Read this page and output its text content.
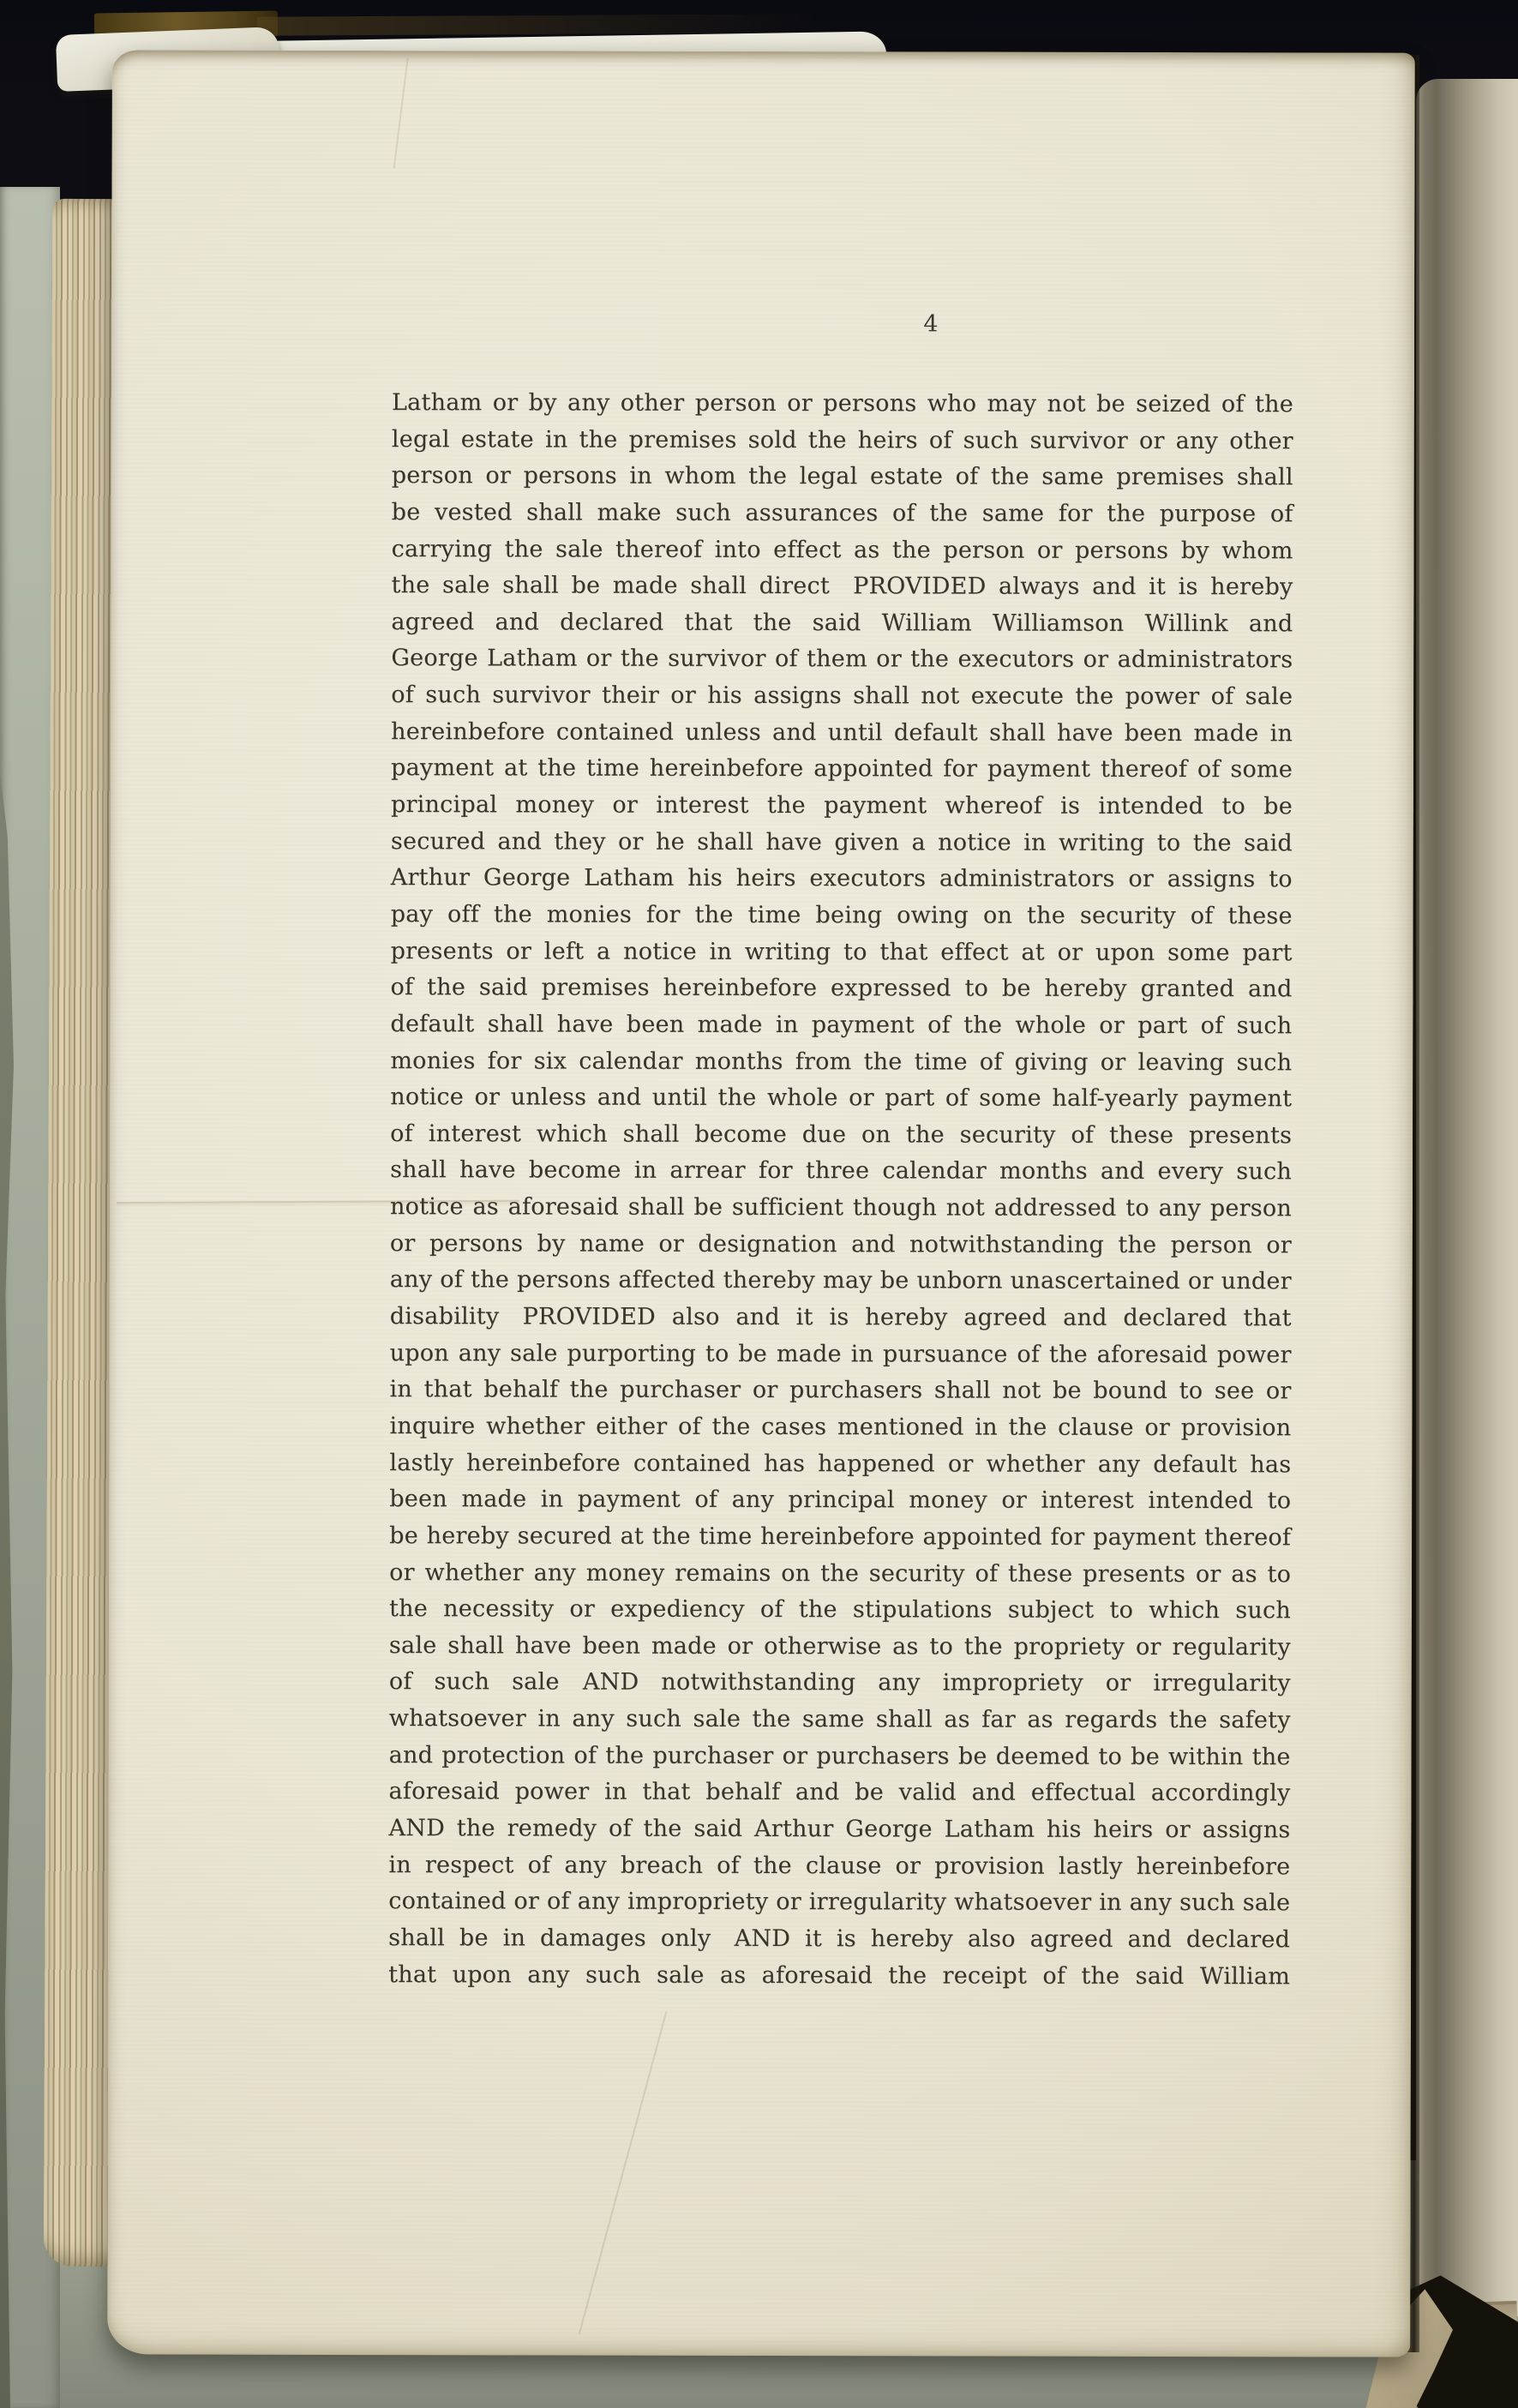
4
Latham or by any other person or persons who may not be seized of the
legal estate in the premises sold the heirs of such survivor or any other
person or persons in whom the legal estate of the same premises shall
be vested shall make such assurances of the same for the purpose of
carrying the sale thereof into effect as the person or persons by whom
the sale shall be made shall direct PROVIDED always and it is hereby
agreed and declared that the said William Williamson Willink and
George Latham or the survivor of them or the executors or administrators
of such survivor their or his assigns shall not execute the power of sale
hereinbefore contained unless and until default shall have been made in
payment at the time hereinbefore appointed for payment thereof of some
principal money or interest the payment whereof is intended to be
secured and they or he shall have given a notice in writing to the said
Arthur George Latham his heirs executors administrators or assigns to
pay off the monies for the time being owing on the security of these
presents or left a notice in writing to that effect at or upon some part
of the said premises hereinbefore expressed to be hereby granted and
default shall have been made in payment of the whole or part of such
monies for six calendar months from the time of giving or leaving such
notice or unless and until the whole or part of some half-yearly payment
of interest which shall become due on the security of these presents
shall have become in arrear for three calendar months and every such
notice as aforesaid shall be sufficient though not addressed to any person
or persons by name or designation and notwithstanding the person or
any of the persons affected thereby may be unborn unascertained or under
disability PROVIDED also and it is hereby agreed and declared that
upon any sale purporting to be made in pursuance of the aforesaid power
in that behalf the purchaser or purchasers shall not be bound to see or
inquire whether either of the cases mentioned in the clause or provision
lastly hereinbefore contained has happened or whether any default has
been made in payment of any principal money or interest intended to
be hereby secured at the time hereinbefore appointed for payment thereof
or whether any money remains on the security of these presents or as to
the necessity or expediency of the stipulations subject to which such
sale shall have been made or otherwise as to the propriety or regularity
of such sale AND notwithstanding any impropriety or irregularity
whatsoever in any such sale the same shall as far as regards the safety
and protection of the purchaser or purchasers be deemed to be within the
aforesaid power in that behalf and be valid and effectual accordingly
AND the remedy of the said Arthur George Latham his heirs or assigns
in respect of any breach of the clause or provision lastly hereinbefore
contained or of any impropriety or irregularity whatsoever in any such sale
shall be in damages only AND it is hereby also agreed and declared
that upon any such sale as aforesaid the receipt of the said William
